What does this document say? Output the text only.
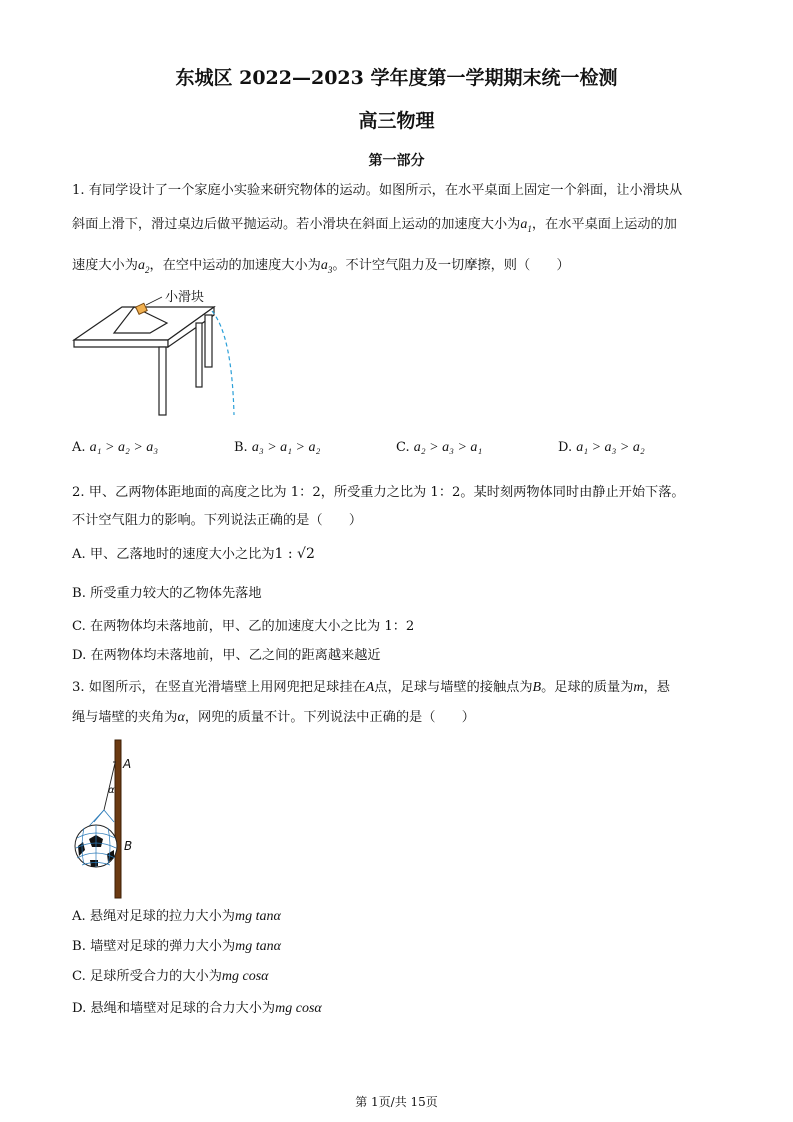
东城区 2022—2023 学年度第一学期期末统一检测
高三物理
第一部分
1. 有同学设计了一个家庭小实验来研究物体的运动。如图所示，在水平桌面上固定一个斜面，让小滑块从
斜面上滑下，滑过桌边后做平抛运动。若小滑块在斜面上运动的加速度大小为$a_1$，在水平桌面上运动的加
速度大小为$a_2$，在空中运动的加速度大小为$a_3$。不计空气阻力及一切摩擦，则（　　）
小滑块
A. a₁ > a₂ > a₃	B. a₃ > a₁ > a₂	C. a₂ > a₃ > a₁	D. a₁ > a₃ > a₂
2. 甲、乙两物体距地面的高度之比为 1：2，所受重力之比为 1：2。某时刻两物体同时由静止开始下落。
不计空气阻力的影响。下列说法正确的是（　　）
A. 甲、乙落地时的速度大小之比为1 : √2
B. 所受重力较大的乙物体先落地
C. 在两物体均未落地前，甲、乙的加速度大小之比为 1：2
D. 在两物体均未落地前，甲、乙之间的距离越来越近
3. 如图所示，在竖直光滑墙壁上用网兜把足球挂在A点，足球与墙壁的接触点为B。足球的质量为m，悬
绳与墙壁的夹角为α，网兜的质量不计。下列说法中正确的是（　　）
A
α
B
A. 悬绳对足球的拉力大小为mg tanα
B. 墙壁对足球的弹力大小为mg tanα
C. 足球所受合力的大小为mg cosα
D. 悬绳和墙壁对足球的合力大小为mg cosα
第 1页/共 15页
